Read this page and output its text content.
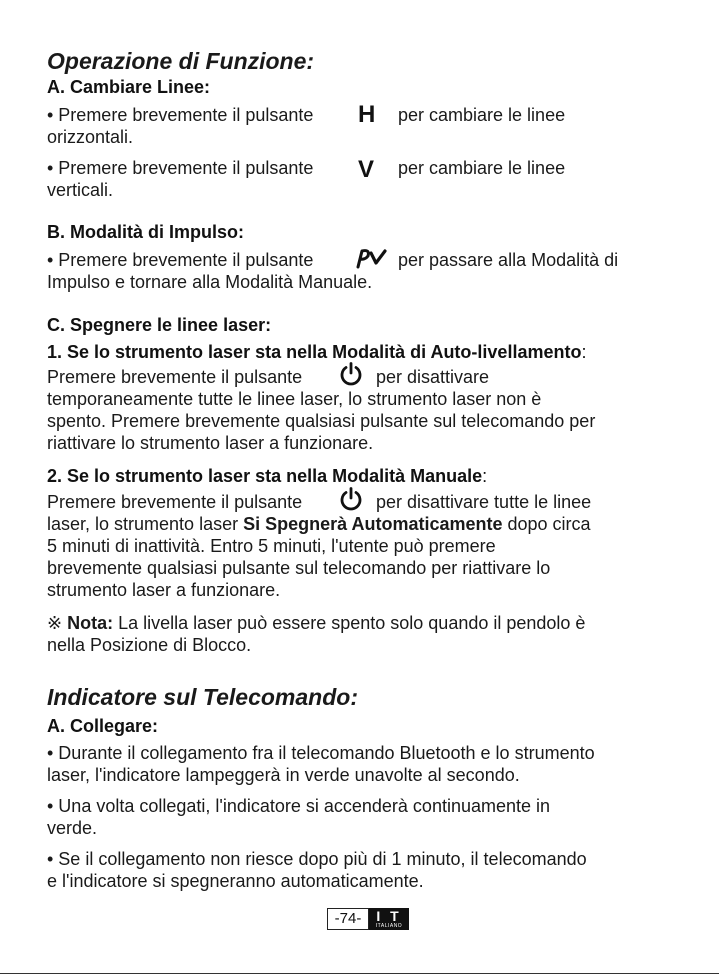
Operazione di Funzione:
A. Cambiare Linee:
• Premere brevemente il pulsante H per cambiare le linee
orizzontali.
• Premere brevemente il pulsante V per cambiare le linee
verticali.
B. Modalità di Impulso:
• Premere brevemente il pulsante	per passare alla Modalità di
Impulso e tornare alla Modalità Manuale.
C. Spegnere le linee laser:
1. Se lo strumento laser sta nella Modalità di Auto-livellamento:
Premere brevemente il pulsante	per disattivare
temporaneamente tutte le linee laser, lo strumento laser non è
spento. Premere brevemente qualsiasi pulsante sul telecomando per
riattivare lo strumento laser a funzionare.
2. Se lo strumento laser sta nella Modalità Manuale:
Premere brevemente il pulsante	per disattivare tutte le linee
laser, lo strumento laser Si Spegnerà Automaticamente dopo circa
5 minuti di inattività. Entro 5 minuti, l'utente può premere
brevemente qualsiasi pulsante sul telecomando per riattivare lo
strumento laser a funzionare.
※ Nota: La livella laser può essere spento solo quando il pendolo è
nella Posizione di Blocco.
Indicatore sul Telecomando:
A. Collegare:
• Durante il collegamento fra il telecomando Bluetooth e lo strumento
laser, l'indicatore lampeggerà in verde unavolte al secondo.
• Una volta collegati, l'indicatore si accenderà continuamente in
verde.
• Se il collegamento non riesce dopo più di 1 minuto, il telecomando
e l'indicatore si spegneranno automaticamente.
-74-	I T
ITALIANO
